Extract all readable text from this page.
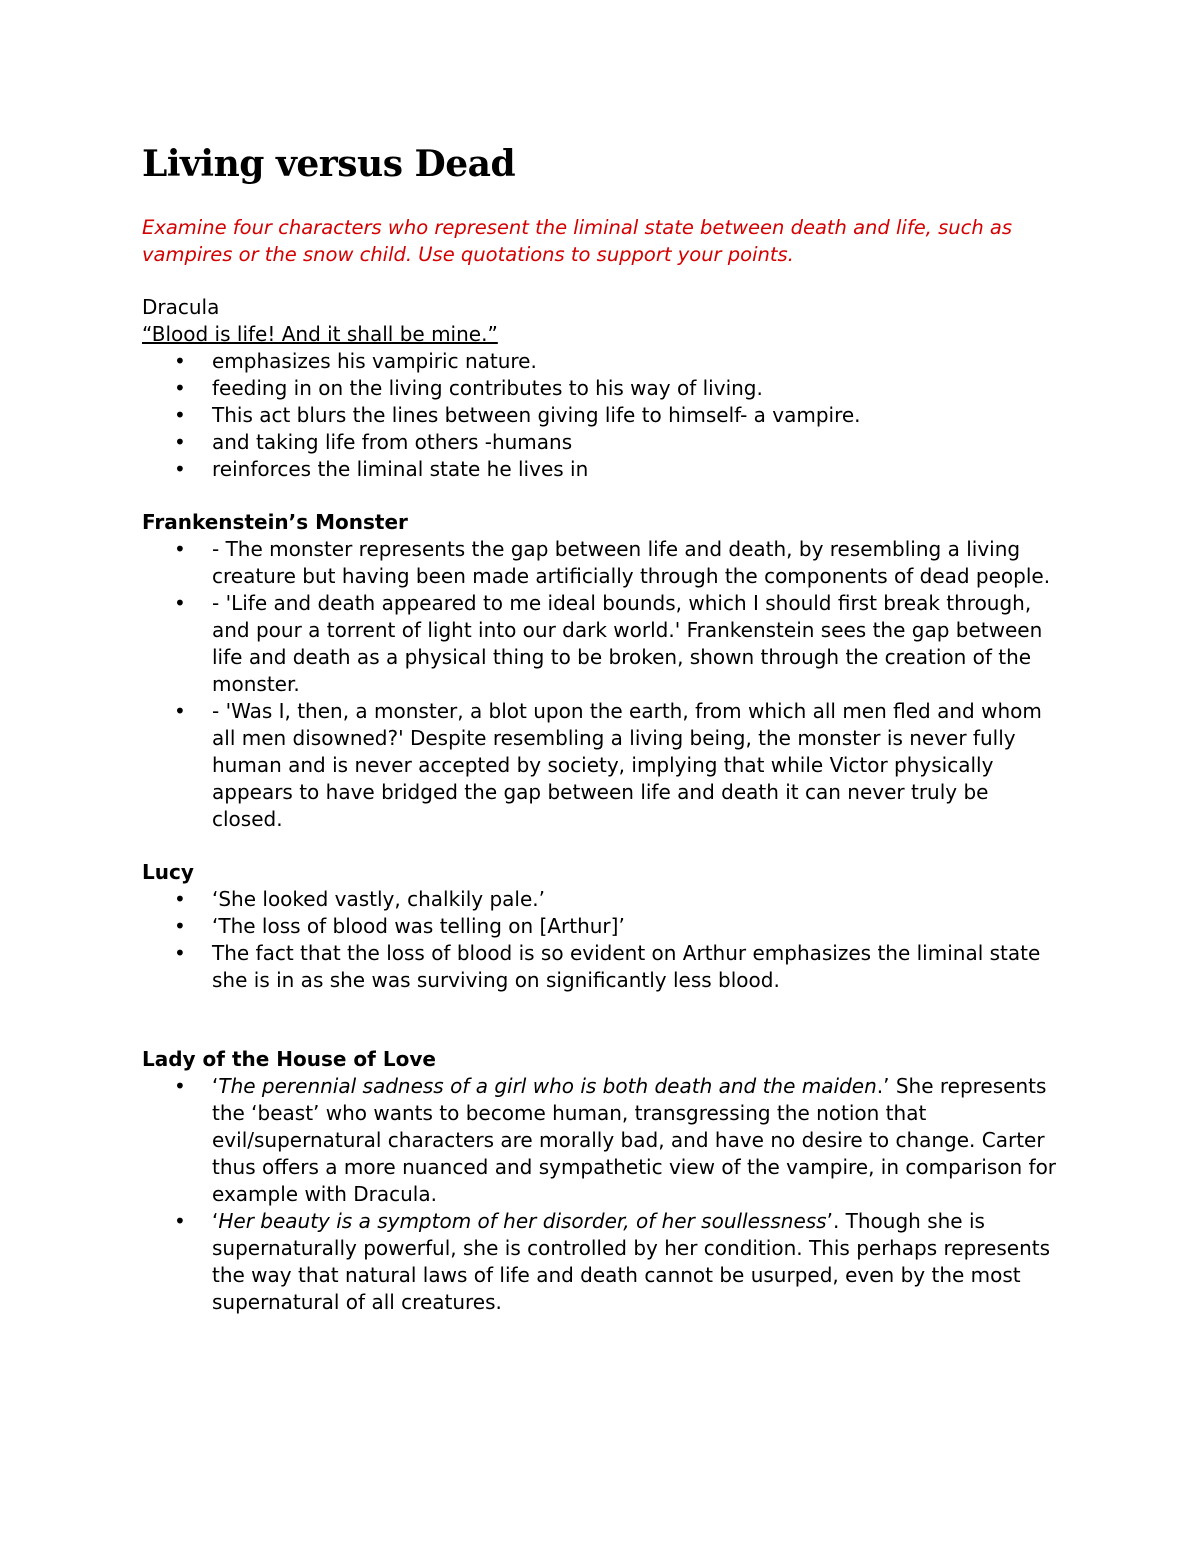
Living versus Dead

Examine four characters who represent the liminal state between death and life, such as vampires or the snow child. Use quotations to support your points.

Dracula

“Blood is life! And it shall be mine.”

• emphasizes his vampiric nature.
• feeding in on the living contributes to his way of living.
• This act blurs the lines between giving life to himself- a vampire.
• and taking life from others -humans
• reinforces the liminal state he lives in

Frankenstein’s Monster

• - The monster represents the gap between life and death, by resembling a living creature but having been made artificially through the components of dead people.
• - 'Life and death appeared to me ideal bounds, which I should first break through, and pour a torrent of light into our dark world.' Frankenstein sees the gap between life and death as a physical thing to be broken, shown through the creation of the monster.
• - 'Was I, then, a monster, a blot upon the earth, from which all men fled and whom all men disowned?' Despite resembling a living being, the monster is never fully human and is never accepted by society, implying that while Victor physically appears to have bridged the gap between life and death it can never truly be closed.

Lucy

• ‘She looked vastly, chalkily pale.’
• ‘The loss of blood was telling on [Arthur]’
• The fact that the loss of blood is so evident on Arthur emphasizes the liminal state she is in as she was surviving on significantly less blood.

Lady of the House of Love

• ‘The perennial sadness of a girl who is both death and the maiden.’ She represents the ‘beast’ who wants to become human, transgressing the notion that evil/supernatural characters are morally bad, and have no desire to change. Carter thus offers a more nuanced and sympathetic view of the vampire, in comparison for example with Dracula.
• ‘Her beauty is a symptom of her disorder, of her soullessness’. Though she is supernaturally powerful, she is controlled by her condition. This perhaps represents the way that natural laws of life and death cannot be usurped, even by the most supernatural of all creatures.
